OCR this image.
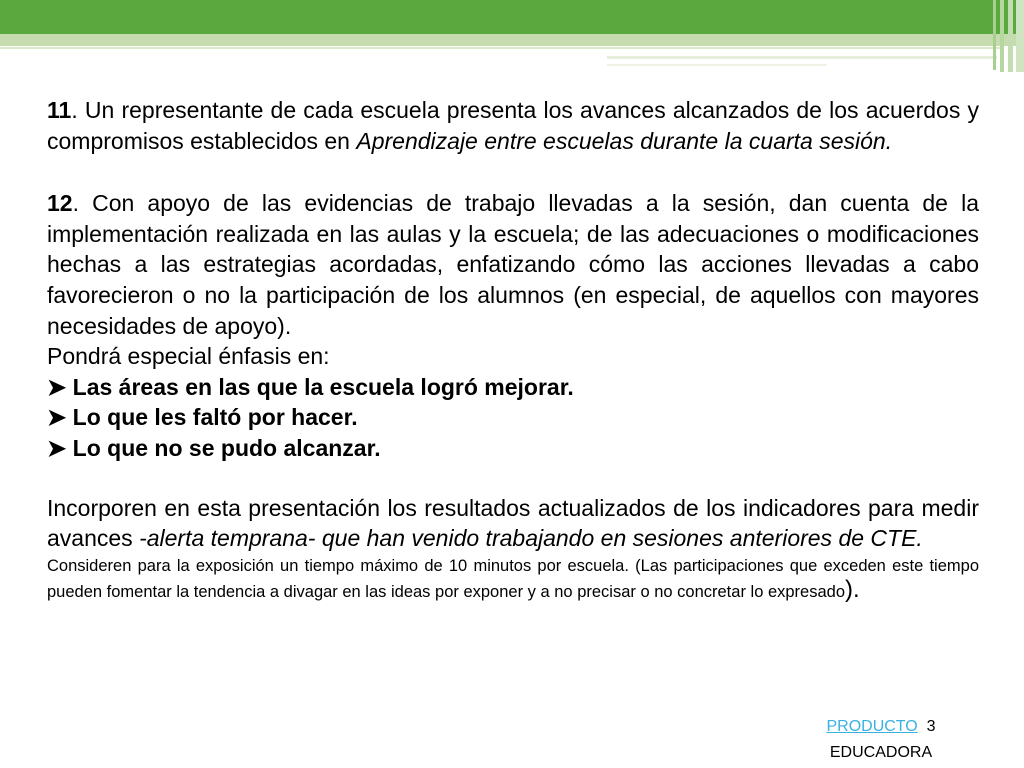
11. Un representante de cada escuela presenta los avances alcanzados de los acuerdos y compromisos establecidos en Aprendizaje entre escuelas durante la cuarta sesión.

12. Con apoyo de las evidencias de trabajo llevadas a la sesión, dan cuenta de la implementación realizada en las aulas y la escuela; de las adecuaciones o modificaciones hechas a las estrategias acordadas, enfatizando cómo las acciones llevadas a cabo favorecieron o no la participación de los alumnos (en especial, de aquellos con mayores necesidades de apoyo).

Pondrá especial énfasis en:

➤ Las áreas en las que la escuela logró mejorar.

➤ Lo que les faltó por hacer.

➤ Lo que no se pudo alcanzar.

Incorporen en esta presentación los resultados actualizados de los indicadores para medir avances -alerta temprana- que han venido trabajando en sesiones anteriores de CTE.

Consideren para la exposición un tiempo máximo de 10 minutos por escuela. (Las participaciones que exceden este tiempo pueden fomentar la tendencia a divagar en las ideas por exponer y a no precisar o no concretar lo expresado).

PRODUCTO 3
EDUCADORA
